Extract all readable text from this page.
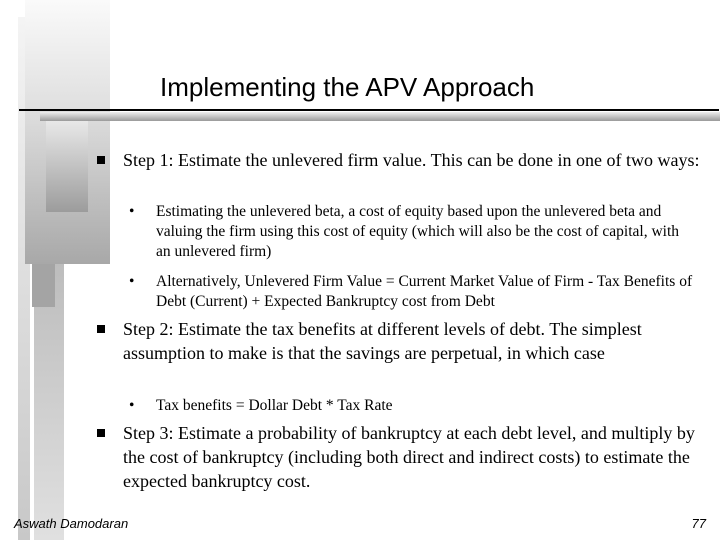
Implementing the APV Approach
Step 1: Estimate the unlevered firm value. This can be done in one of two ways:
• Estimating the unlevered beta, a cost of equity based upon the unlevered beta and valuing the firm using this cost of equity (which will also be the cost of capital, with an unlevered firm)
• Alternatively, Unlevered Firm Value = Current Market Value of Firm - Tax Benefits of Debt (Current) + Expected Bankruptcy cost from Debt
Step 2: Estimate the tax benefits at different levels of debt. The simplest assumption to make is that the savings are perpetual, in which case
• Tax benefits = Dollar Debt * Tax Rate
Step 3: Estimate a probability of bankruptcy at each debt level, and multiply by the cost of bankruptcy (including both direct and indirect costs) to estimate the expected bankruptcy cost.
Aswath Damodaran	77
